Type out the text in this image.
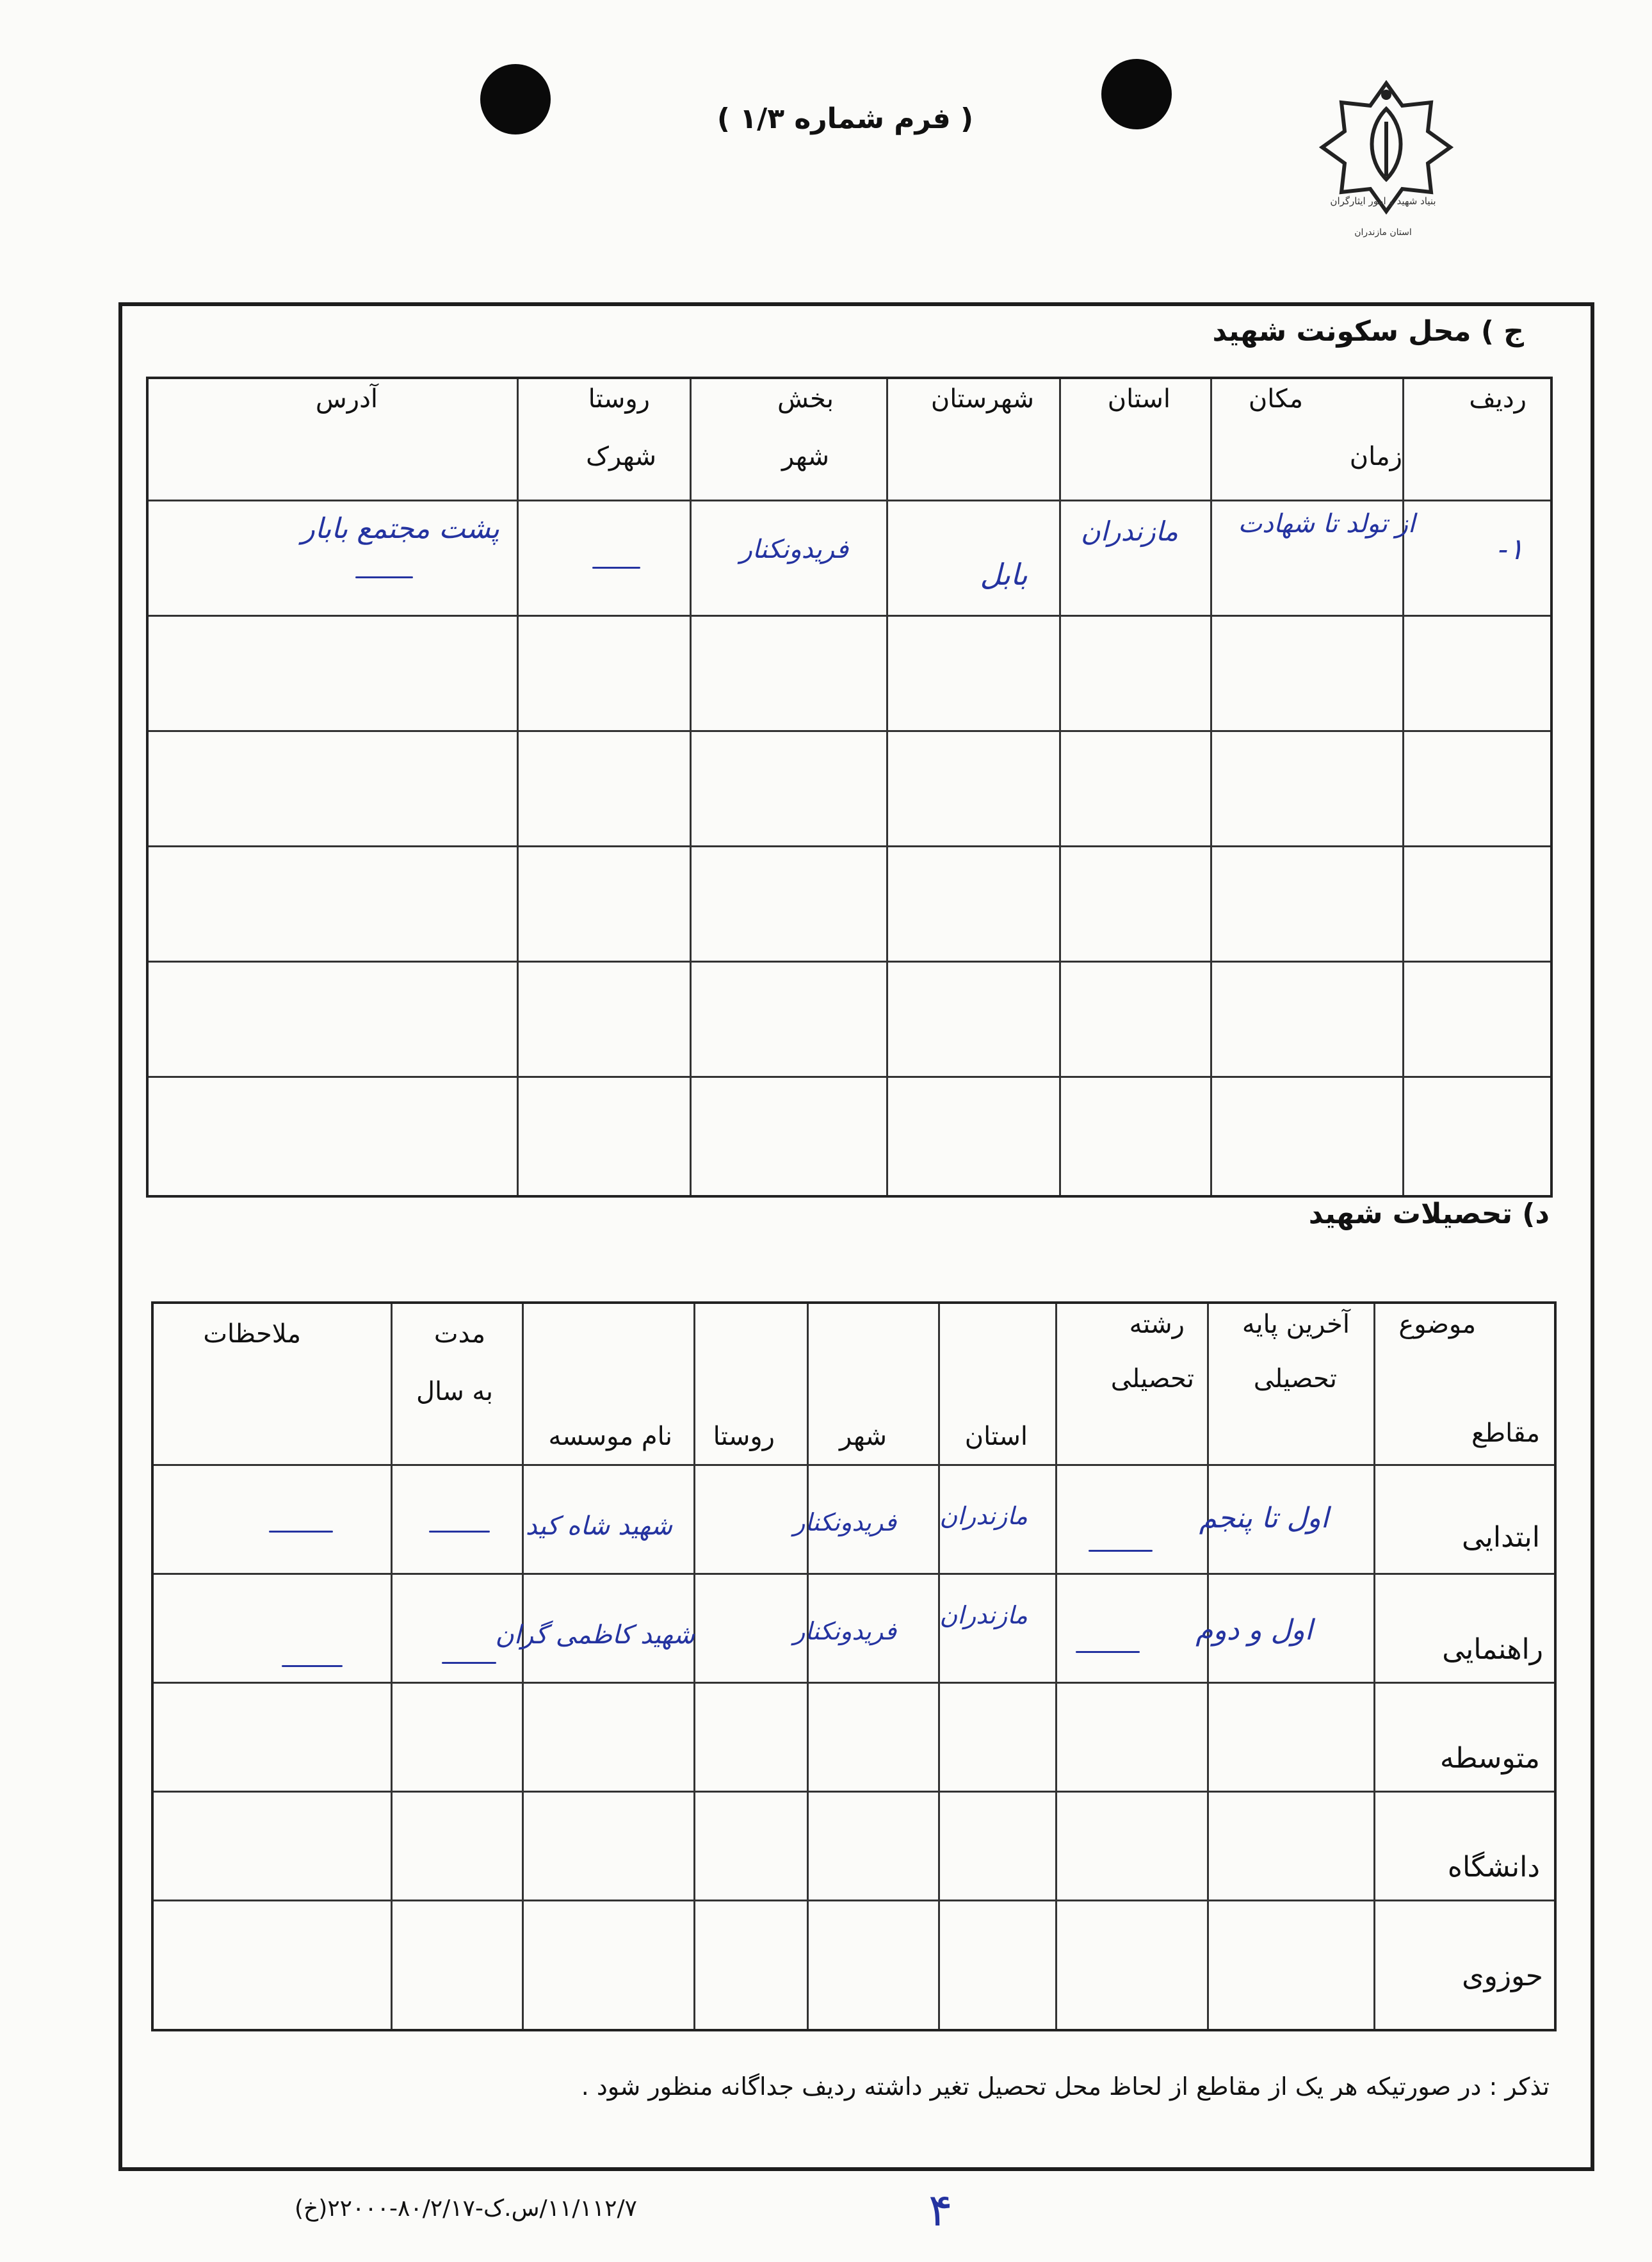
( فرم شماره ۱/۳ )
بنیاد شهید و امور ایثارگران
استان مازندران
ج ) محل سکونت شهید
ردیف
مکان
زمان
استان
شهرستان
بخش
شهر
روستا
شهرک
آدرس
۱-
از تولد تا شهادت
مازندران
بابل
فریدونکنار
پشت مجتمع بابار
د) تحصیلات شهید
موضوع
مقاطع
آخرین پایه
تحصیلی
رشته
تحصیلی
استان
شهر
روستا
نام موسسه
مدت
به سال
ملاحظات
ابتدایی
راهنمایی
متوسطه
دانشگاه
حوزوی
اول تا پنجم
مازندران
فریدونکنار
شهید شاه کید
اول و دوم
مازندران
فریدونکنار
شهید کاظمی گران
تذکر : در صورتیکه هر یک از مقاطع از لحاظ محل تحصیل تغیر داشته ردیف جداگانه منظور شود .
۱۱/۱۱۲/۷/س.ک-۸۰/۲/۱۷-۲۲۰۰۰(خ)	۴
